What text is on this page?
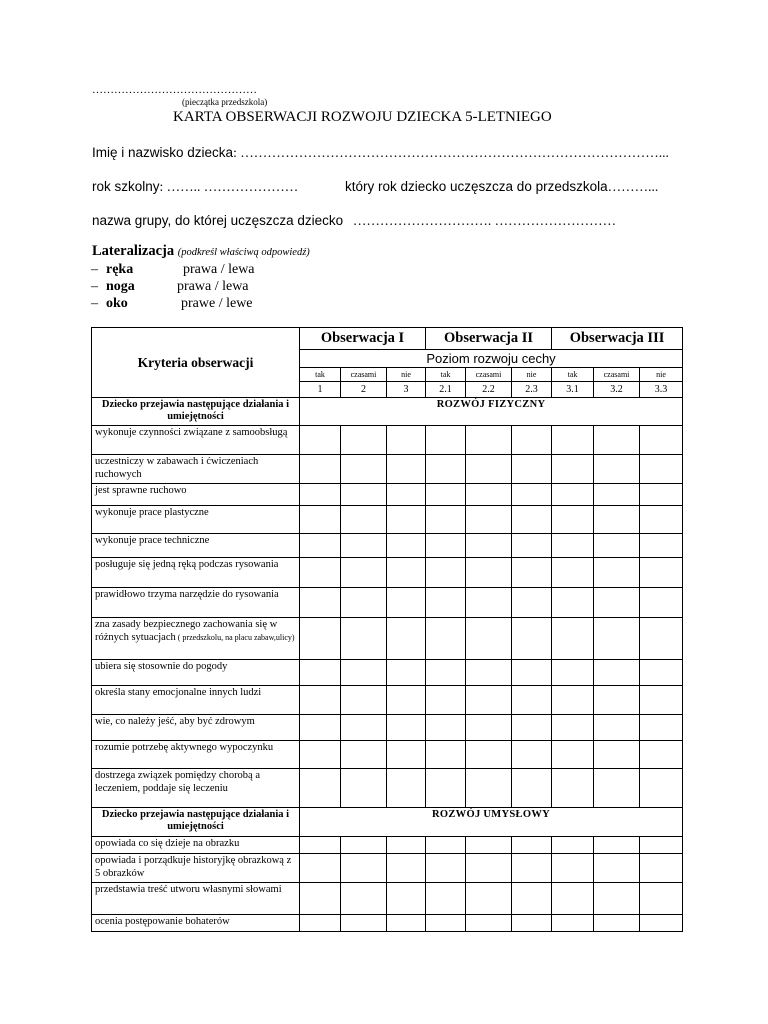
………………………………………
(pieczątka przedszkola)
KARTA OBSERWACJI ROZWOJU DZIECKA 5-LETNIEGO
Imię i nazwisko dziecka: …………………………………………………………………………………...
rok szkolny: …….. …………………	który rok dziecko uczęszcza do przedszkola………...
nazwa grupy, do której uczęszcza dziecko …………………………. ………………………
Lateralizacja (podkreśl właściwą odpowiedź)
– ręka	prawa / lewa
– noga	prawa / lewa
– oko	prawe / lewe
Kryteria obserwacji	Obserwacja I			Obserwacja II			Obserwacja III		
	Poziom rozwoju cechy								
	tak	czasami	nie	tak	czasami	nie	tak	czasami	nie
	1	2	3	2.1	2.2	2.3	3.1	3.2	3.3
Dziecko przejawia następujące działania i umiejętności	ROZWÓJ FIZYCZNY								
wykonuje czynności związane z samoobsługą									
uczestniczy w zabawach i ćwiczeniach ruchowych									
jest sprawne ruchowo									
wykonuje prace plastyczne									
wykonuje prace techniczne									
posługuje się jedną ręką podczas rysowania									
prawidłowo trzyma narzędzie do rysowania									
zna zasady bezpiecznego zachowania się w różnych sytuacjach ( przedszkolu, na placu zabaw,ulicy)									
ubiera się stosownie do pogody									
określa stany emocjonalne innych ludzi									
wie, co należy jeść, aby być zdrowym									
rozumie potrzebę aktywnego wypoczynku									
dostrzega związek pomiędzy chorobą a leczeniem, poddaje się leczeniu									
Dziecko przejawia następujące działania i umiejętności	ROZWÓJ UMYSŁOWY								
opowiada co się dzieje na obrazku									
opowiada i porządkuje historyjkę obrazkową z 5 obrazków									
przedstawia treść utworu własnymi słowami									
ocenia postępowanie bohaterów									
